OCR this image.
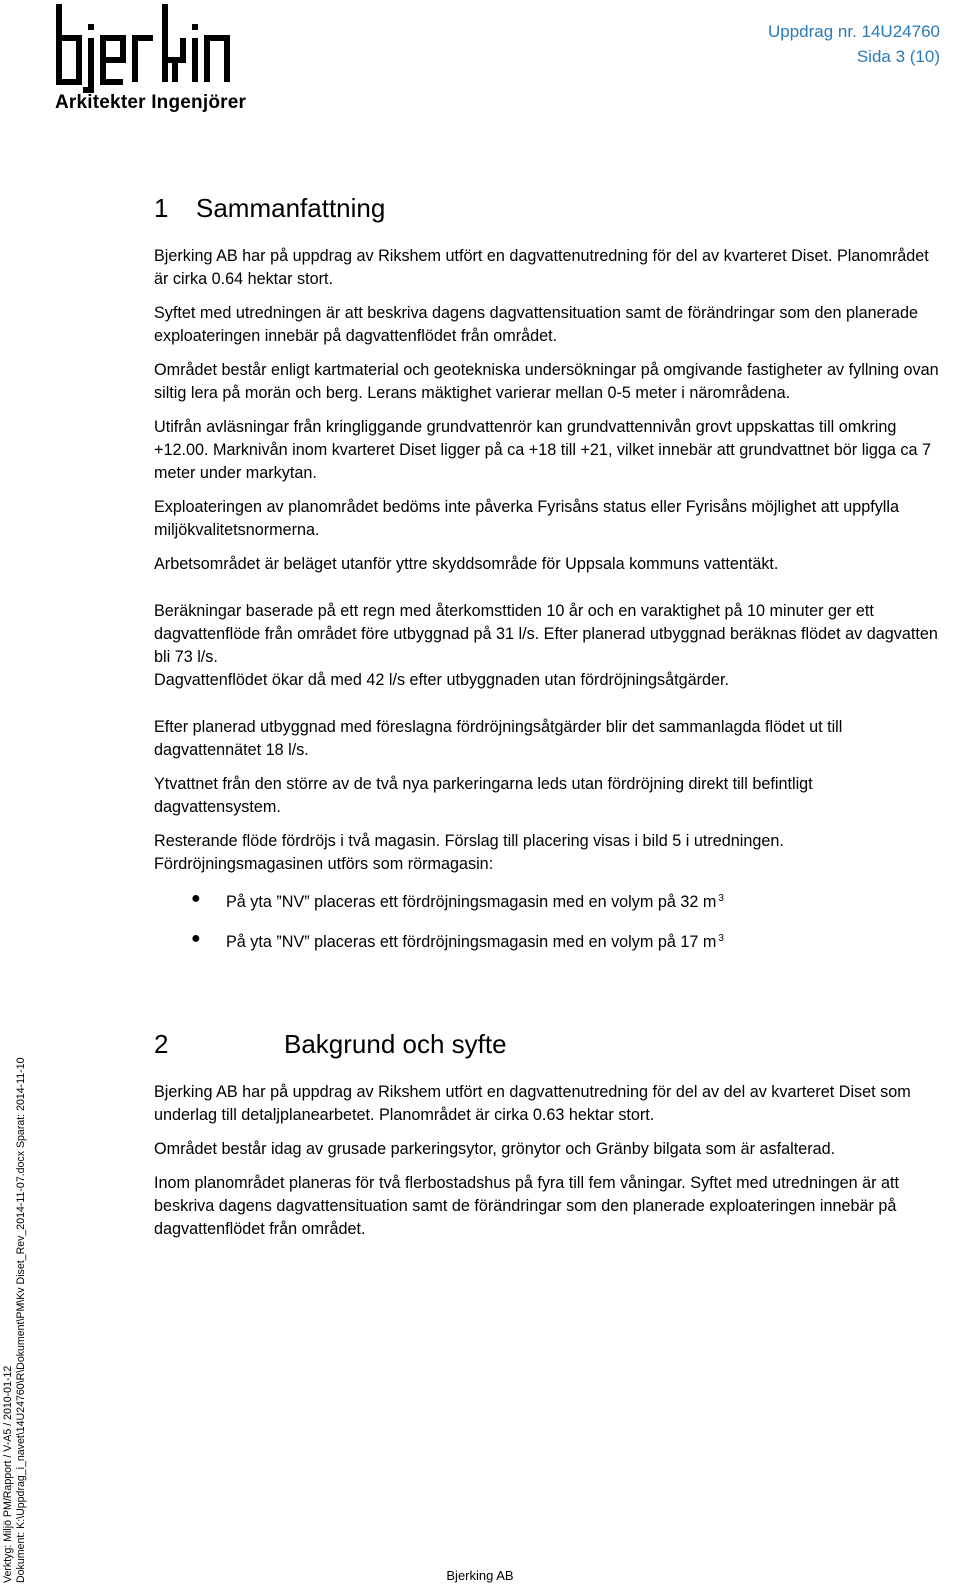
Arkitekter Ingenjörer
Uppdrag nr. 14U24760
Sida 3 (10)
Verktyg: Miljö PM/Rapport / V-A5 / 2010-01-12 Dokument: K:\Uppdrag_i_navet\14U24760\R\Dokument\PM\Kv Diset_Rev_2014-11-07.docx Sparat: 2014-11-10
1 Sammanfattning

Bjerking AB har på uppdrag av Rikshem utfört en dagvattenutredning för del av kvarteret Diset. Planområdet är cirka 0.64 hektar stort.

Syftet med utredningen är att beskriva dagens dagvattensituation samt de förändringar som den planerade exploateringen innebär på dagvattenflödet från området.

Området består enligt kartmaterial och geotekniska undersökningar på omgivande fastigheter av fyllning ovan siltig lera på morän och berg. Lerans mäktighet varierar mellan 0-5 meter i närområdena.

Utifrån avläsningar från kringliggande grundvattenrör kan grundvattennivån grovt uppskattas till omkring +12.00. Marknivån inom kvarteret Diset ligger på ca +18 till +21, vilket innebär att grundvattnet bör ligga ca 7 meter under markytan.

Exploateringen av planområdet bedöms inte påverka Fyrisåns status eller Fyrisåns möjlighet att uppfylla miljökvalitetsnormerna.

Arbetsområdet är beläget utanför yttre skyddsområde för Uppsala kommuns vattentäkt.

Beräkningar baserade på ett regn med återkomsttiden 10 år och en varaktighet på 10 minuter ger ett dagvattenflöde från området före utbyggnad på 31 l/s. Efter planerad utbyggnad beräknas flödet av dagvatten bli 73 l/s.

Dagvattenflödet ökar då med 42 l/s efter utbyggnaden utan fördröjningsåtgärder.

Efter planerad utbyggnad med föreslagna fördröjningsåtgärder blir det sammanlagda flödet ut till dagvattennätet 18 l/s.

Ytvattnet från den större av de två nya parkeringarna leds utan fördröjning direkt till befintligt dagvattensystem.

Resterande flöde fördröjs i två magasin. Förslag till placering visas i bild 5 i utredningen. Fördröjningsmagasinen utförs som rörmagasin:

● På yta ”NV” placeras ett fördröjningsmagasin med en volym på 32 m $^3$
● På yta ”NV” placeras ett fördröjningsmagasin med en volym på 17 m $^3$
2	Bakgrund och syfte

Bjerking AB har på uppdrag av Rikshem utfört en dagvattenutredning för del av del av kvarteret Diset som underlag till detaljplanearbetet. Planområdet är cirka 0.63 hektar stort.

Området består idag av grusade parkeringsytor, grönytor och Gränby bilgata som är asfalterad.

Inom planområdet planeras för två flerbostadshus på fyra till fem våningar. Syftet med utredningen är att beskriva dagens dagvattensituation samt de förändringar som den planerade exploateringen innebär på dagvattenflödet från området.

Bjerking AB
